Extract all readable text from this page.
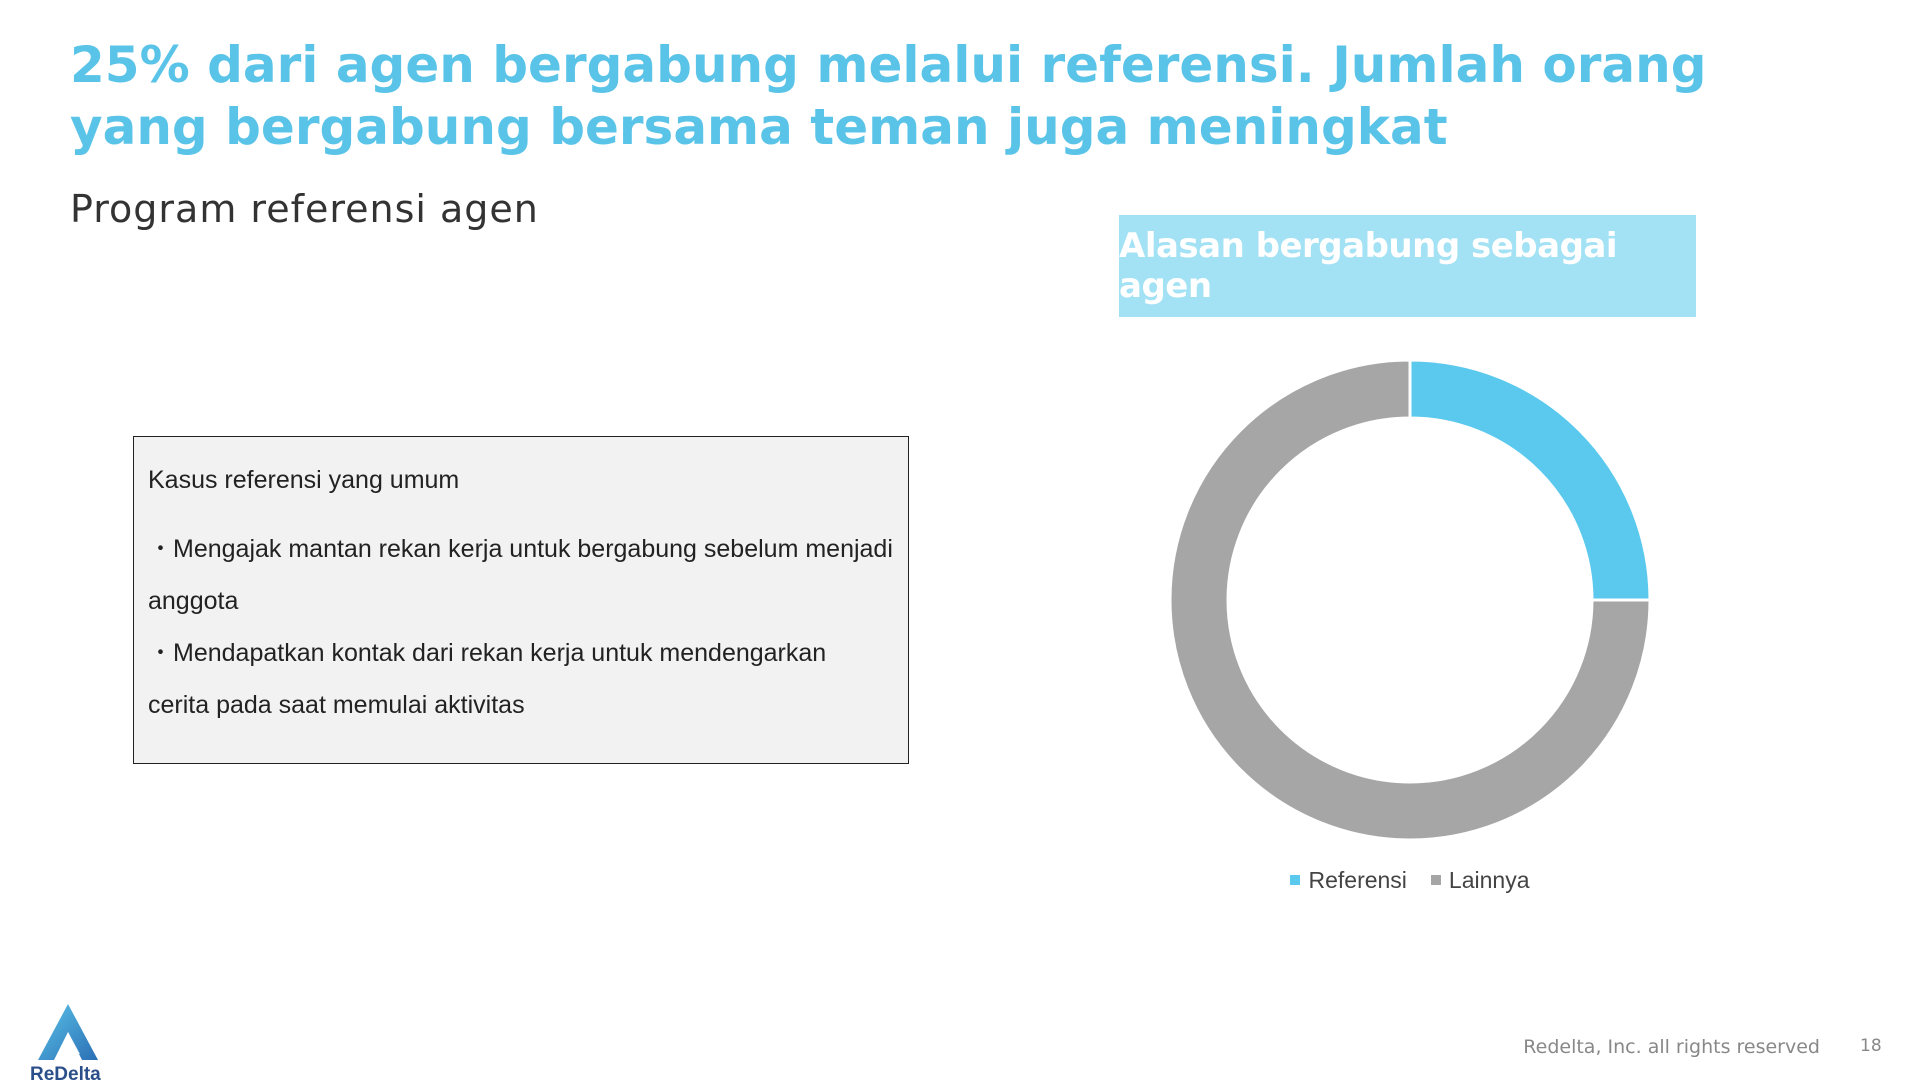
25% dari agen bergabung melalui referensi. Jumlah orang yang bergabung bersama teman juga meningkat
Program referensi agen

Kasus referensi yang umum

・Mengajak mantan rekan kerja untuk bergabung sebelum menjadi anggota

・Mendapatkan kontak dari rekan kerja untuk mendengarkan cerita pada saat memulai aktivitas

Alasan bergabung sebagai agen
Referensi Lainnya
ReDelta
Redelta, Inc. all rights reserved 18
